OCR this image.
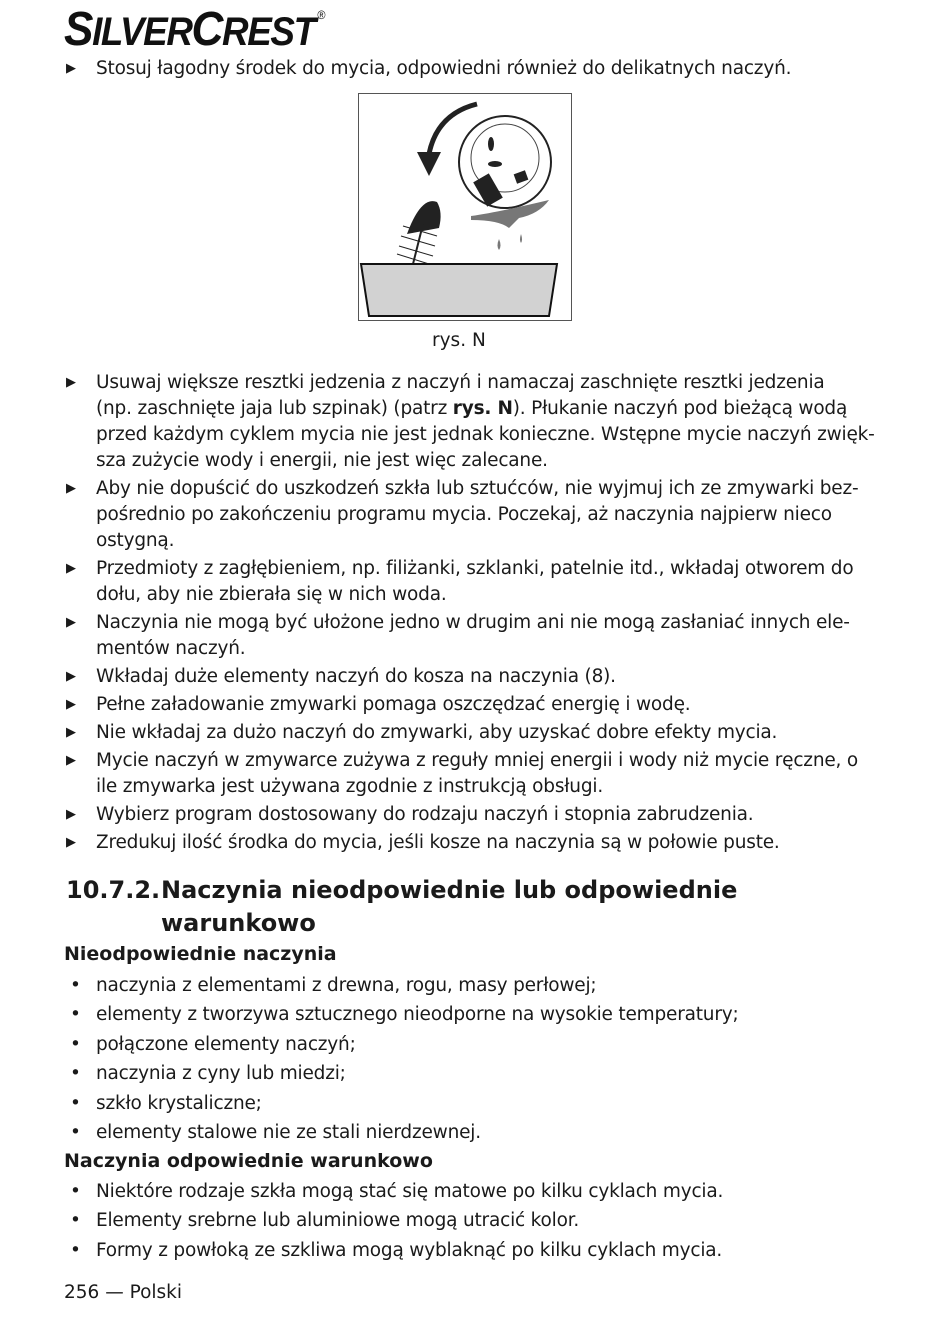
SILVERCREST ®
▶ Stosuj łagodny środek do mycia, odpowiedni również do delikatnych naczyń.
rys. N
▶ Usuwaj większe resztki jedzenia z naczyń i namaczaj zaschnięte resztki jedzenia
(np. zaschnięte jaja lub szpinak) (patrz rys. N). Płukanie naczyń pod bieżącą wodą
przed każdym cyklem mycia nie jest jednak konieczne. Wstępne mycie naczyń zwięk-
sza zużycie wody i energii, nie jest więc zalecane.
▶ Aby nie dopuścić do uszkodzeń szkła lub sztućców, nie wyjmuj ich ze zmywarki bez-
pośrednio po zakończeniu programu mycia. Poczekaj, aż naczynia najpierw nieco
ostygną.
▶ Przedmioty z zagłębieniem, np. filiżanki, szklanki, patelnie itd., wkładaj otworem do
dołu, aby nie zbierała się w nich woda.
▶ Naczynia nie mogą być ułożone jedno w drugim ani nie mogą zasłaniać innych ele-
mentów naczyń.
▶ Wkładaj duże elementy naczyń do kosza na naczynia (8).
▶ Pełne załadowanie zmywarki pomaga oszczędzać energię i wodę.
▶ Nie wkładaj za dużo naczyń do zmywarki, aby uzyskać dobre efekty mycia.
▶ Mycie naczyń w zmywarce zużywa z reguły mniej energii i wody niż mycie ręczne, o
ile zmywarka jest używana zgodnie z instrukcją obsługi.
▶ Wybierz program dostosowany do rodzaju naczyń i stopnia zabrudzenia.
▶ Zredukuj ilość środka do mycia, jeśli kosze na naczynia są w połowie puste.
10.7.2.Naczynia nieodpowiednie lub odpowiednie
warunkowo
Nieodpowiednie naczynia
• naczynia z elementami z drewna, rogu, masy perłowej;
• elementy z tworzywa sztucznego nieodporne na wysokie temperatury;
• połączone elementy naczyń;
• naczynia z cyny lub miedzi;
• szkło krystaliczne;
• elementy stalowe nie ze stali nierdzewnej.
Naczynia odpowiednie warunkowo
• Niektóre rodzaje szkła mogą stać się matowe po kilku cyklach mycia.
• Elementy srebrne lub aluminiowe mogą utracić kolor.
• Formy z powłoką ze szkliwa mogą wyblaknąć po kilku cyklach mycia.
256 — Polski
